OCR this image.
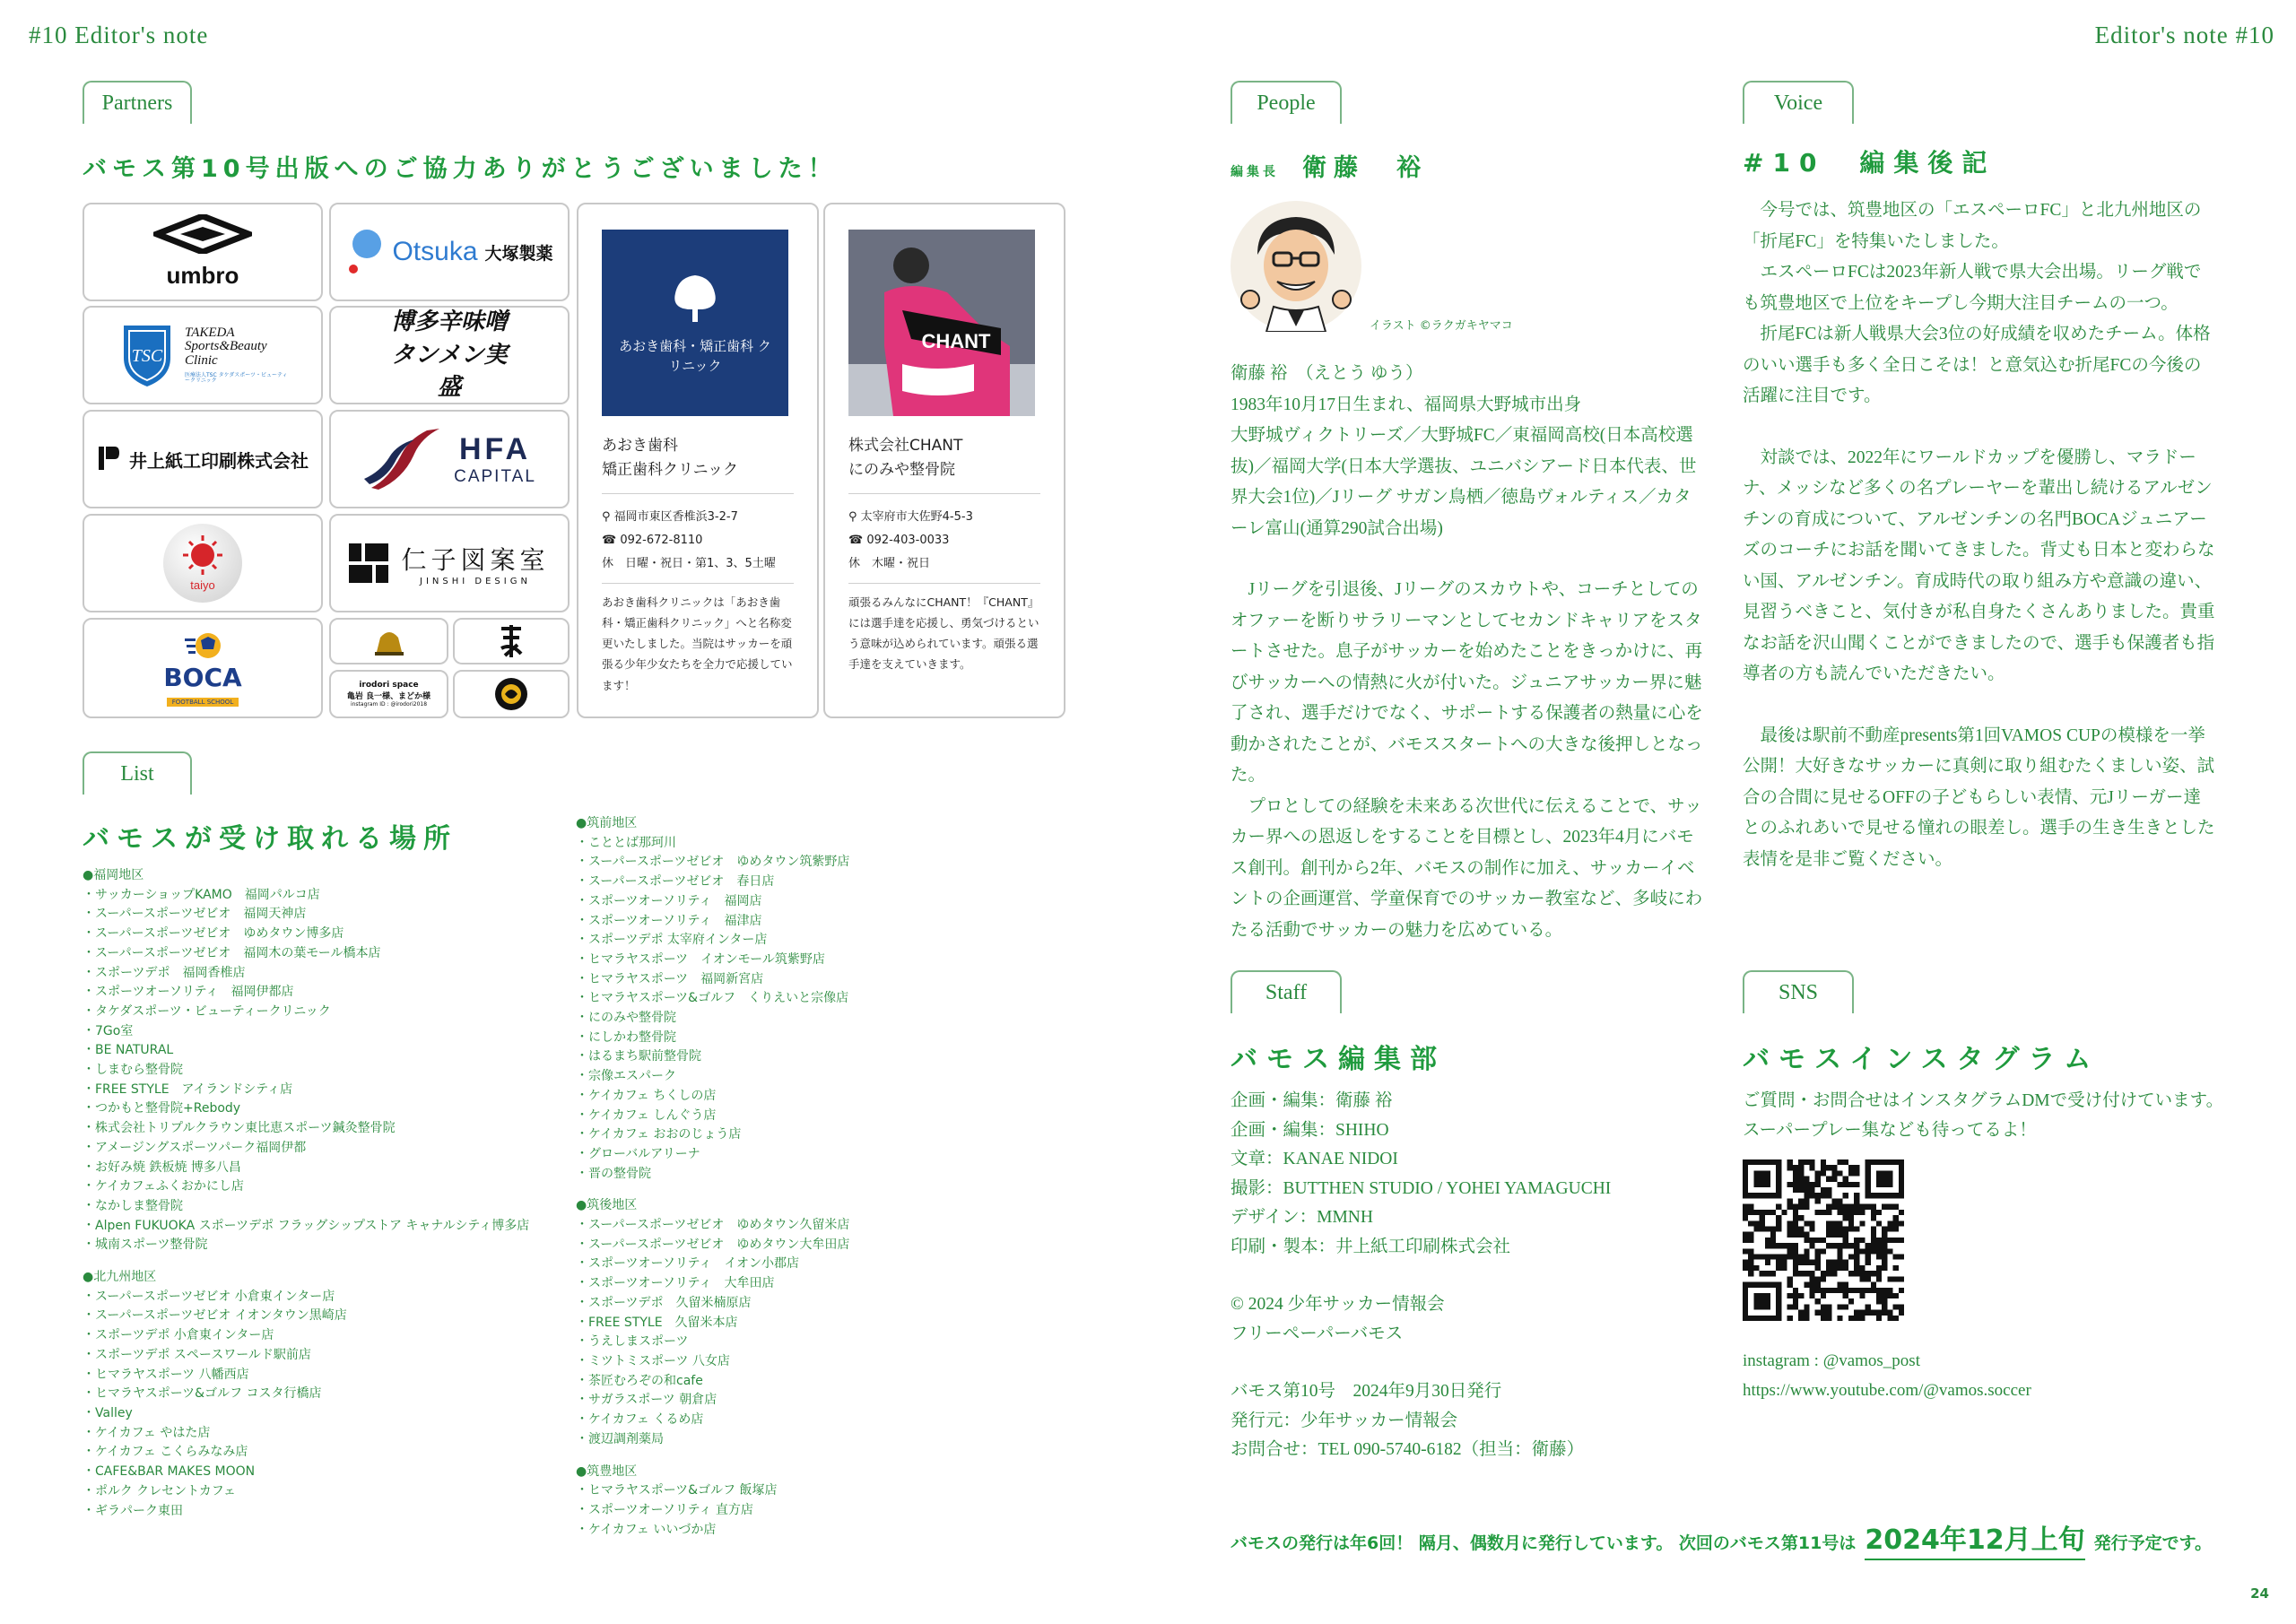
#10 Editor's note	Editor's note #10
Partners
バモス第10号出版へのご協力ありがとうございました！
umbro
TSC
TAKEDA
Sports&Beauty
Clinic
医療法人TSC タケダスポーツ・ビューティークリニック
井上紙工印刷株式会社
taiyo
BOCA
FOOTBALL SCHOOL
Otsuka 大塚製薬
博多辛味噌 タンメン実盛
HFA
CAPITAL
仁子図案室
JINSHI DESIGN
irodori space
亀岩 良一様、まどか様
instagram ID : @irodori2018
あおき歯科・矯正歯科 クリニック
あおき歯科
矯正歯科クリニック
⚲ 福岡市東区香椎浜3-2-7
☎ 092-672-8110
休　日曜・祝日・第1、3、5土曜
あおき歯科クリニックは「あおき歯科・矯正歯科クリニック」へと名称変更いたしました。当院はサッカーを頑張る少年少女たちを全力で応援しています！
CHANT
株式会社CHANT
にのみや整骨院
⚲ 太宰府市大佐野4-5-3
☎ 092-403-0033
休　木曜・祝日
頑張るみんなにCHANT！『CHANT』には選手達を応援し、勇気づけるという意味が込められています。頑張る選手達を支えていきます。
List
バモスが受け取れる場所
●福岡地区
・サッカーショップKAMO　福岡パルコ店
・スーパースポーツゼビオ　福岡天神店
・スーパースポーツゼビオ　ゆめタウン博多店
・スーパースポーツゼビオ　福岡木の葉モール橋本店
・スポーツデポ　福岡香椎店
・スポーツオーソリティ　福岡伊都店
・タケダスポーツ・ビューティークリニック
・7Go室
・BE NATURAL
・しまむら整骨院
・FREE STYLE　アイランドシティ店
・つかもと整骨院+Rebody
・株式会社トリプルクラウン東比恵スポーツ鍼灸整骨院
・アメージングスポーツパーク福岡伊都
・お好み焼 鉄板焼 博多八昌
・ケイカフェふくおかにし店
・なかしま整骨院
・Alpen FUKUOKA スポーツデポ フラッグシップストア キャナルシティ博多店
・城南スポーツ整骨院
●北九州地区
・スーパースポーツゼビオ 小倉東インター店
・スーパースポーツゼビオ イオンタウン黒崎店
・スポーツデポ 小倉東インター店
・スポーツデポ スペースワールド駅前店
・ヒマラヤスポーツ 八幡西店
・ヒマラヤスポーツ&ゴルフ コスタ行橋店
・Valley
・ケイカフェ やはた店
・ケイカフェ こくらみなみ店
・CAFE&BAR MAKES MOON
・ポルク クレセントカフェ
・ギラパーク東田
●筑前地区
・こととば那珂川
・スーパースポーツゼビオ　ゆめタウン筑紫野店
・スーパースポーツゼビオ　春日店
・スポーツオーソリティ　福岡店
・スポーツオーソリティ　福津店
・スポーツデポ 太宰府インター店
・ヒマラヤスポーツ　イオンモール筑紫野店
・ヒマラヤスポーツ　福岡新宮店
・ヒマラヤスポーツ&ゴルフ　くりえいと宗像店
・にのみや整骨院
・にしかわ整骨院
・はるまち駅前整骨院
・宗像エスパーク
・ケイカフェ ちくしの店
・ケイカフェ しんぐう店
・ケイカフェ おおのじょう店
・グローバルアリーナ
・晋の整骨院
●筑後地区
・スーパースポーツゼビオ　ゆめタウン久留米店
・スーパースポーツゼビオ　ゆめタウン大牟田店
・スポーツオーソリティ　イオン小郡店
・スポーツオーソリティ　大牟田店
・スポーツデポ　久留米楠原店
・FREE STYLE　久留米本店
・うえしまスポーツ
・ミツトミスポーツ 八女店
・茶匠むろぞの和cafe
・サガラスポーツ 朝倉店
・ケイカフェ くるめ店
・渡辺調剤薬局
●筑豊地区
・ヒマラヤスポーツ&ゴルフ 飯塚店
・スポーツオーソリティ 直方店
・ケイカフェ いいづか店
People
編集長 衛藤　裕
イラスト ©ラクガキヤマコ

衛藤 裕　（えとう ゆう）

1983年10月17日生まれ、福岡県大野城市出身

大野城ヴィクトリーズ／大野城FC／東福岡高校(日本高校選抜)／福岡大学(日本大学選抜、ユニバシアード日本代表、世界大会1位)／Jリーグ サガン鳥栖／徳島ヴォルティス／カターレ富山(通算290試合出場)

　Jリーグを引退後、Jリーグのスカウトや、コーチとしてのオファーを断りサラリーマンとしてセカンドキャリアをスタートさせた。息子がサッカーを始めたことをきっかけに、再びサッカーへの情熱に火が付いた。ジュニアサッカー界に魅了され、選手だけでなく、サポートする保護者の熱量に心を動かされたことが、バモススタートへの大きな後押しとなった。

　プロとしての経験を未来ある次世代に伝えることで、サッカー界への恩返しをすることを目標とし、2023年4月にバモス創刊。創刊から2年、バモスの制作に加え、サッカーイベントの企画運営、学童保育でのサッカー教室など、多岐にわたる活動でサッカーの魅力を広めている。

Voice
#10　編集後記

　今号では、筑豊地区の「エスペーロFC」と北九州地区の「折尾FC」を特集いたしました。

　エスペーロFCは2023年新人戦で県大会出場。リーグ戦でも筑豊地区で上位をキープし今期大注目チームの一つ。

　折尾FCは新人戦県大会3位の好成績を収めたチーム。体格のいい選手も多く全日こそは！と意気込む折尾FCの今後の活躍に注目です。

　対談では、2022年にワールドカップを優勝し、マラドーナ、メッシなど多くの名プレーヤーを輩出し続けるアルゼンチンの育成について、アルゼンチンの名門BOCAジュニアーズのコーチにお話を聞いてきました。背丈も日本と変わらない国、アルゼンチン。育成時代の取り組み方や意識の違い、見習うべきこと、気付きが私自身たくさんありました。貴重なお話を沢山聞くことができましたので、選手も保護者も指導者の方も読んでいただきたい。

　最後は駅前不動産presents第1回VAMOS CUPの模様を一挙公開！大好きなサッカーに真剣に取り組むたくましい姿、試合の合間に見せるOFFの子どもらしい表情、元Jリーガー達とのふれあいで見せる憧れの眼差し。選手の生き生きとした表情を是非ご覧ください。

Staff
バモス編集部

企画・編集：衛藤 裕

企画・編集：SHIHO

文章：KANAE NIDOI

撮影：BUTTHEN STUDIO / YOHEI YAMAGUCHI

デザイン：MMNH

印刷・製本：井上紙工印刷株式会社

© 2024 少年サッカー情報会

フリーペーパーバモス

バモス第10号　2024年9月30日発行

発行元：少年サッカー情報会

お問合せ：TEL 090-5740-6182（担当：衛藤）

SNS
バモスインスタグラム

ご質問・お問合せはインスタグラムDMで受け付けています。

スーパープレー集なども待ってるよ！

instagram : @vamos_post
https://www.youtube.com/@vamos.soccer
バモスの発行は年6回！ 隔月、偶数月に発行しています。 次回のバモス第11号は 2024年12月上旬 発行予定です。
24
